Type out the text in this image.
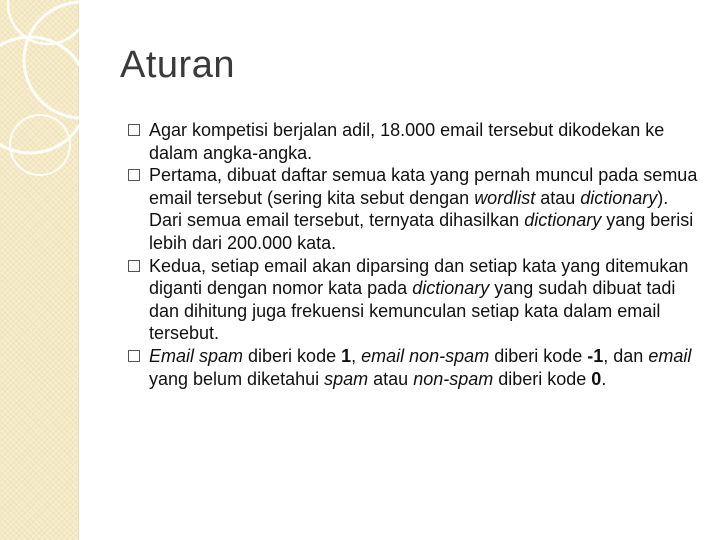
Aturan
Agar kompetisi berjalan adil, 18.000 email tersebut dikodekan ke dalam angka-angka.
Pertama, dibuat daftar semua kata yang pernah muncul pada semua email tersebut (sering kita sebut dengan wordlist atau dictionary). Dari semua email tersebut, ternyata dihasilkan dictionary yang berisi lebih dari 200.000 kata.
Kedua, setiap email akan diparsing dan setiap kata yang ditemukan diganti dengan nomor kata pada dictionary yang sudah dibuat tadi dan dihitung juga frekuensi kemunculan setiap kata dalam email tersebut.
Email spam diberi kode 1, email non-spam diberi kode -1, dan email yang belum diketahui spam atau non-spam diberi kode 0.
